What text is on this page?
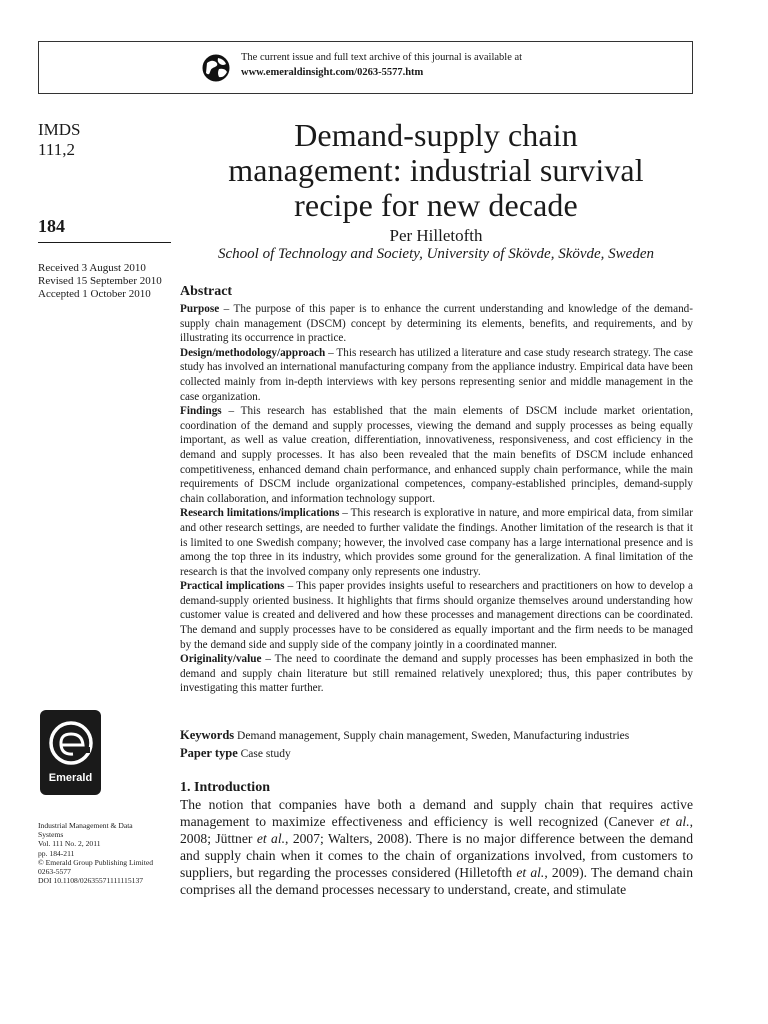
The current issue and full text archive of this journal is available at
www.emeraldinsight.com/0263-5577.htm
IMDS
111,2
184
Received 3 August 2010
Revised 15 September 2010
Accepted 1 October 2010
Demand-supply chain
management: industrial survival
recipe for new decade
Per Hilletofth
School of Technology and Society, University of Skövde, Skövde, Sweden
Abstract

Purpose – The purpose of this paper is to enhance the current understanding and knowledge of the demand-supply chain management (DSCM) concept by determining its elements, benefits, and requirements, and by illustrating its occurrence in practice.

Design/methodology/approach – This research has utilized a literature and case study research strategy. The case study has involved an international manufacturing company from the appliance industry. Empirical data have been collected mainly from in-depth interviews with key persons representing senior and middle management in the case organization.

Findings – This research has established that the main elements of DSCM include market orientation, coordination of the demand and supply processes, viewing the demand and supply processes as being equally important, as well as value creation, differentiation, innovativeness, responsiveness, and cost efficiency in the demand and supply processes. It has also been revealed that the main benefits of DSCM include enhanced competitiveness, enhanced demand chain performance, and enhanced supply chain performance, while the main requirements of DSCM include organizational competences, company-established principles, demand-supply chain collaboration, and information technology support.

Research limitations/implications – This research is explorative in nature, and more empirical data, from similar and other research settings, are needed to further validate the findings. Another limitation of the research is that it is limited to one Swedish company; however, the involved case company has a large international presence and is among the top three in its industry, which provides some ground for the generalization. A final limitation of the research is that the involved company only represents one industry.

Practical implications – This paper provides insights useful to researchers and practitioners on how to develop a demand-supply oriented business. It highlights that firms should organize themselves around understanding how customer value is created and delivered and how these processes and management directions can be coordinated. The demand and supply processes have to be considered as equally important and the firm needs to be managed by the demand side and supply side of the company jointly in a coordinated manner.

Originality/value – The need to coordinate the demand and supply processes has been emphasized in both the demand and supply chain literature but still remained relatively unexplored; thus, this paper contributes by investigating this matter further.

Keywords Demand management, Supply chain management, Sweden, Manufacturing industries
Paper type Case study
Emerald
Industrial Management & Data
Systems
Vol. 111 No. 2, 2011
pp. 184-211
© Emerald Group Publishing Limited
0263-5577
DOI 10.1108/02635571111115137
1. Introduction
The notion that companies have both a demand and supply chain that requires active management to maximize effectiveness and efficiency is well recognized (Canever et al., 2008; Jüttner et al., 2007; Walters, 2008). There is no major difference between the demand and supply chain when it comes to the chain of organizations involved, from customers to suppliers, but regarding the processes considered (Hilletofth et al., 2009). The demand chain comprises all the demand processes necessary to understand, create, and stimulate
